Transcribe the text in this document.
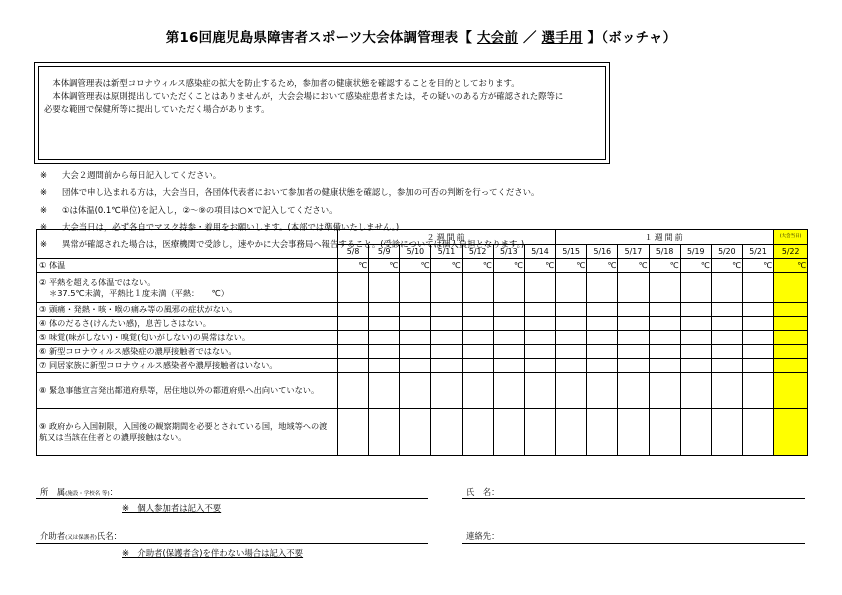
第16回鹿児島県障害者スポーツ大会体調管理表【 大会前 ／ 選手用 】（ボッチャ）
　本体調管理表は新型コロナウィルス感染症の拡大を防止するため，参加者の健康状態を確認することを目的としております。
　本体調管理表は原則提出していただくことはありませんが，大会会場において感染症患者または，その疑いのある方が確認された際等に
必要な範囲で保健所等に提出していただく場合があります。
※ 大会２週間前から毎日記入してください。
※ 団体で申し込まれる方は，大会当日，各団体代表者において参加者の健康状態を確認し，参加の可否の判断を行ってください。
※ ①は体温(0.1℃単位)を記入し，②～⑨の項目は○×で記入してください。
※ 大会当日は，必ず各自でマスク持参・着用をお願いします。(本部では準備いたしません。)
※ 異常が確認された場合は，医療機関で受診し，速やかに大会事務局へ報告すること。(受診については個人負担となります。)
	２週間前							１週間前							(大会当日)

	5/8	5/9	5/10	5/11	5/12	5/13	5/14	5/15	5/16	5/17	5/18	5/19	5/20	5/21	5/22

① 体温	℃	℃	℃	℃	℃	℃	℃	℃	℃	℃	℃	℃	℃	℃	℃

② 平熱を超える体温ではない。
＊37.5℃未満，平熱比１度未満（平熱：　　℃）															

③ 頭痛・発熱・咳・喉の痛み等の風邪の症状がない。															

④ 体のだるさ(けんたい感)，息苦しさはない。															

⑤ 味覚(味がしない)・嗅覚(匂いがしない)の異常はない。															

⑥ 新型コロナウィルス感染症の濃厚接触者ではない。															

⑦ 同居家族に新型コロナウィルス感染者や濃厚接触者はいない。															

⑧ 緊急事態宣言発出都道府県等，居住地以外の都道府県へ出向いていない。															

⑨ 政府から入国制限，入国後の観察期間を必要とされている国，地域等への渡航又は当該在住者との濃厚接触はない。															

所　属(施設・学校名 等)：
※　個人参加者は記入不要
氏　名：
介助者(又は保護者)氏名：
※　介助者(保護者含)を伴わない場合は記入不要
連絡先：
